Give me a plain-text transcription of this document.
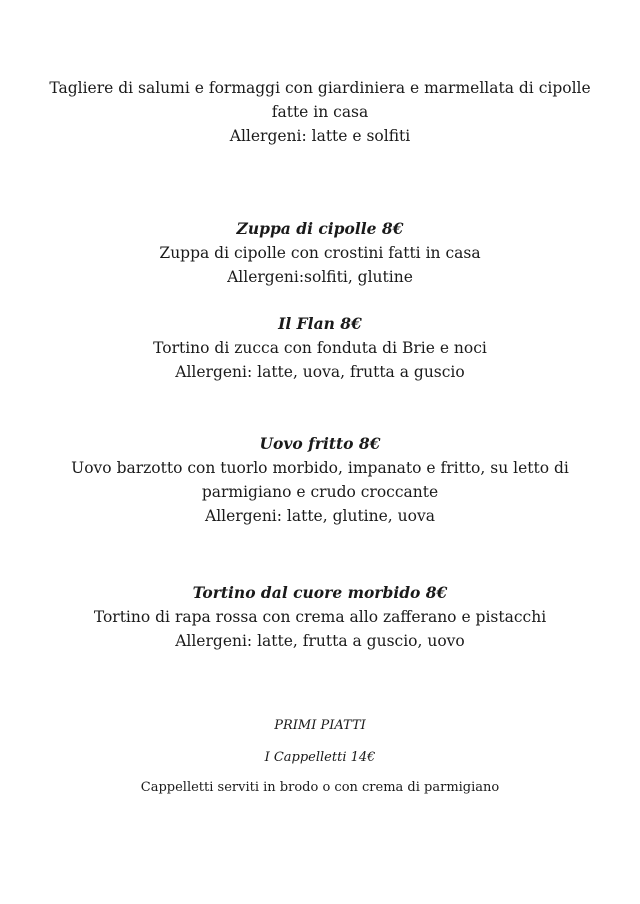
Tagliere di salumi e formaggi con giardiniera e marmellata di cipolle
fatte in casa
Allergeni: latte e solfiti
Zuppa di cipolle 8€
Zuppa di cipolle con crostini fatti in casa
Allergeni:solfiti, glutine
Il Flan 8€
Tortino di zucca con fonduta di Brie e noci
Allergeni: latte, uova, frutta a guscio
Uovo fritto 8€
Uovo barzotto con tuorlo morbido, impanato e fritto, su letto di
parmigiano e crudo croccante
Allergeni: latte, glutine, uova
Tortino dal cuore morbido 8€
Tortino di rapa rossa con crema allo zafferano e pistacchi
Allergeni: latte, frutta a guscio, uovo
PRIMI PIATTI
I Cappelletti 14€
Cappelletti serviti in brodo o con crema di parmigiano
